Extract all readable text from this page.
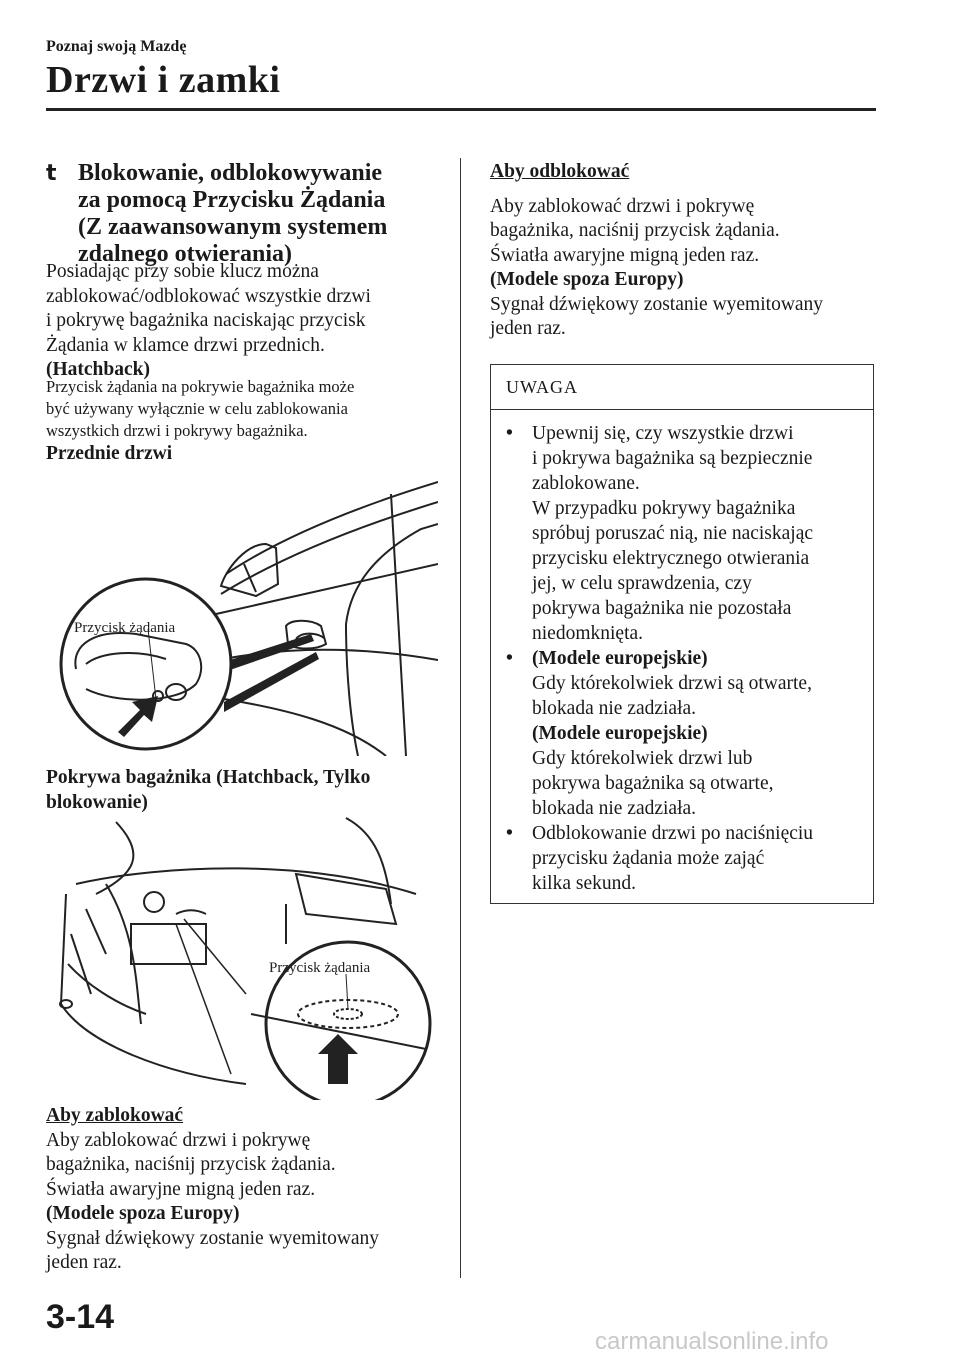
Poznaj swoją Mazdę
Drzwi i zamki
t Blokowanie, odblokowywanie
za pomocą Przycisku Żądania
(Z zaawansowanym systemem
zdalnego otwierania)
Posiadając przy sobie klucz można
zablokować/odblokować wszystkie drzwi
i pokrywę bagażnika naciskając przycisk
Żądania w klamce drzwi przednich.
(Hatchback)
Przycisk żądania na pokrywie bagażnika może
być używany wyłącznie w celu zablokowania
wszystkich drzwi i pokrywy bagażnika.
Przednie drzwi
Przycisk żądania
Pokrywa bagażnika (Hatchback, Tylko
blokowanie)
Przycisk żądania
Aby zablokować
Aby zablokować drzwi i pokrywę
bagażnika, naciśnij przycisk żądania.
Światła awaryjne migną jeden raz.
(Modele spoza Europy)
Sygnał dźwiękowy zostanie wyemitowany
jeden raz.
Aby odblokować
Aby zablokować drzwi i pokrywę
bagażnika, naciśnij przycisk żądania.
Światła awaryjne migną jeden raz.
(Modele spoza Europy)
Sygnał dźwiękowy zostanie wyemitowany
jeden raz.
UWAGA
• Upewnij się, czy wszystkie drzwi
i pokrywa bagażnika są bezpiecznie
zablokowane.
W przypadku pokrywy bagażnika
spróbuj poruszać nią, nie naciskając
przycisku elektrycznego otwierania
jej, w celu sprawdzenia, czy
pokrywa bagażnika nie pozostała
niedomknięta.
• (Modele europejskie)
Gdy którekolwiek drzwi są otwarte,
blokada nie zadziała.
(Modele europejskie)
Gdy którekolwiek drzwi lub
pokrywa bagażnika są otwarte,
blokada nie zadziała.
• Odblokowanie drzwi po naciśnięciu
przycisku żądania może zająć
kilka sekund.
3-14
carmanualsonline.info
